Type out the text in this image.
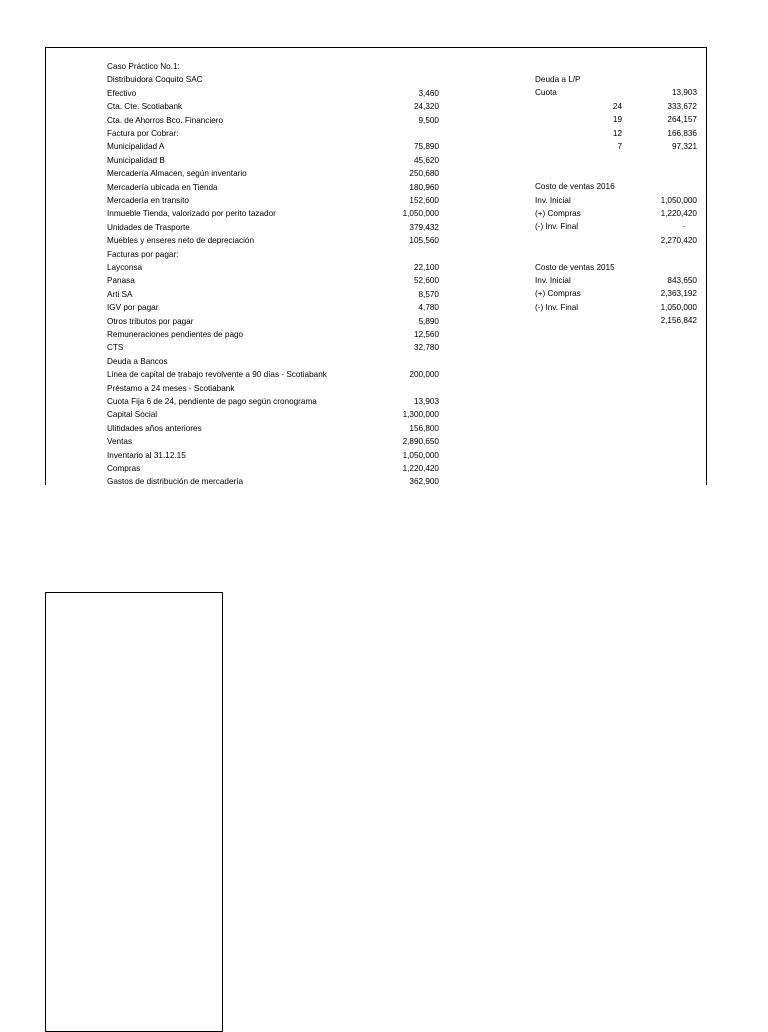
Caso Práctico No.1:
Distribuidora Coquito SAC
Efectivo	3,460
Cta. Cte. Scotiabank	24,320
Cta. de Ahorros Bco. Financiero	9,500
Factura por Cobrar:
Municipalidad A	75,890
Municipalidad B	45,620
Mercadería Almacen, según inventario	250,680
Mercadería ubicada en Tienda	180,960
Mercadería en transito	152,600
Inmueble Tienda, valorizado por perito tazador	1,050,000
Unidades de Trasporte	379,432
Muebles y enseres neto de depreciación	105,560
Facturas por pagar:
Layconsa	22,100
Panasa	52,600
Arti SA	8,570
IGV por pagar	4,780
Otros tributos por pagar	5,890
Remuneraciones pendientes de pago	12,560
CTS	32,780
Deuda a Bancos
Linea de capital de trabajo revolvente a 90 días - Scotiabank	200,000
Préstamo a 24 meses - Scotiabank
Cuota Fija 6 de 24, pendiente de pago según cronograma	13,903
Capital Social	1,300,000
Ulitidades años anteriores	156,800
Ventas	2,890,650
Inventario al 31.12.15	1,050,000
Compras	1,220,420
Gastos de distribución de mercadería	362,900
Deuda a L/P
Cuota	13,903
24	333,672
19	264,157
12	166,836
7	97,321
Costo de ventas 2016
Inv. Inicial	1,050,000
(+) Compras	1,220,420
(-) Inv. Final	-
2,270,420
Costo de ventas 2015
Inv. Inicial	843,650
(+) Compras	2,363,192
(-) Inv. Final	1,050,000
2,156,842
